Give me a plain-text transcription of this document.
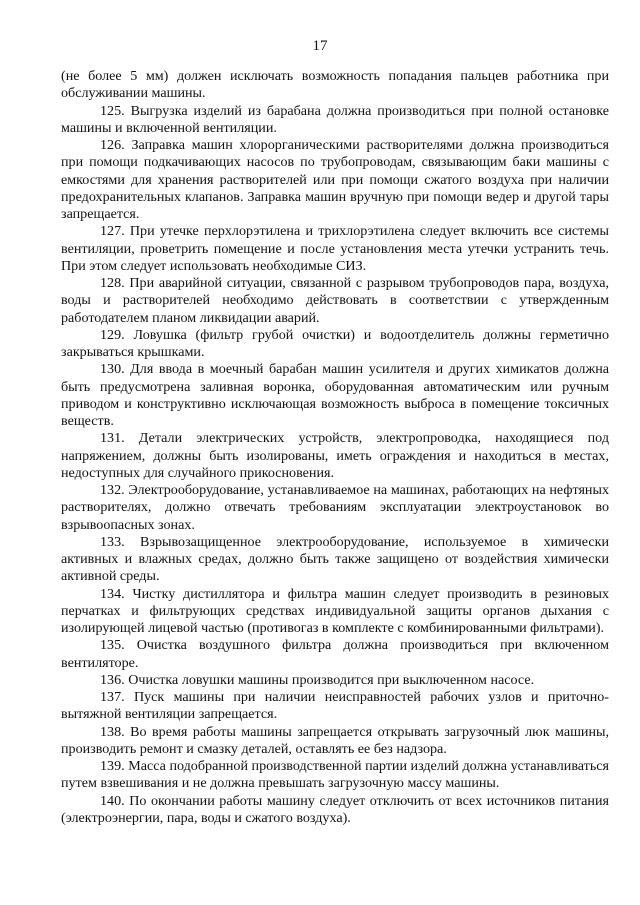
17

(не более 5 мм) должен исключать возможность попадания пальцев работника при обслуживании машины.

125. Выгрузка изделий из барабана должна производиться при полной остановке машины и включенной вентиляции.

126. Заправка машин хлорорганическими растворителями должна производиться при помощи подкачивающих насосов по трубопроводам, связывающим баки машины с емкостями для хранения растворителей или при помощи сжатого воздуха при наличии предохранительных клапанов. Заправка машин вручную при помощи ведер и другой тары запрещается.

127. При утечке перхлорэтилена и трихлорэтилена следует включить все системы вентиляции, проветрить помещение и после установления места утечки устранить течь. При этом следует использовать необходимые СИЗ.

128. При аварийной ситуации, связанной с разрывом трубопроводов пара, воздуха, воды и растворителей необходимо действовать в соответствии с утвержденным работодателем планом ликвидации аварий.

129. Ловушка (фильтр грубой очистки) и водоотделитель должны герметично закрываться крышками.

130. Для ввода в моечный барабан машин усилителя и других химикатов должна быть предусмотрена заливная воронка, оборудованная автоматическим или ручным приводом и конструктивно исключающая возможность выброса в помещение токсичных веществ.

131. Детали электрических устройств, электропроводка, находящиеся под напряжением, должны быть изолированы, иметь ограждения и находиться в местах, недоступных для случайного прикосновения.

132. Электрооборудование, устанавливаемое на машинах, работающих на нефтяных растворителях, должно отвечать требованиям эксплуатации электроустановок во взрывоопасных зонах.

133. Взрывозащищенное электрооборудование, используемое в химически активных и влажных средах, должно быть также защищено от воздействия химически активной среды.

134. Чистку дистиллятора и фильтра машин следует производить в резиновых перчатках и фильтрующих средствах индивидуальной защиты органов дыхания с изолирующей лицевой частью (противогаз в комплекте с комбинированными фильтрами).

135. Очистка воздушного фильтра должна производиться при включенном вентиляторе.

136. Очистка ловушки машины производится при выключенном насосе.

137. Пуск машины при наличии неисправностей рабочих узлов и приточно-вытяжной вентиляции запрещается.

138. Во время работы машины запрещается открывать загрузочный люк машины, производить ремонт и смазку деталей, оставлять ее без надзора.

139. Масса подобранной производственной партии изделий должна устанавливаться путем взвешивания и не должна превышать загрузочную массу машины.

140. По окончании работы машину следует отключить от всех источников питания (электроэнергии, пара, воды и сжатого воздуха).
